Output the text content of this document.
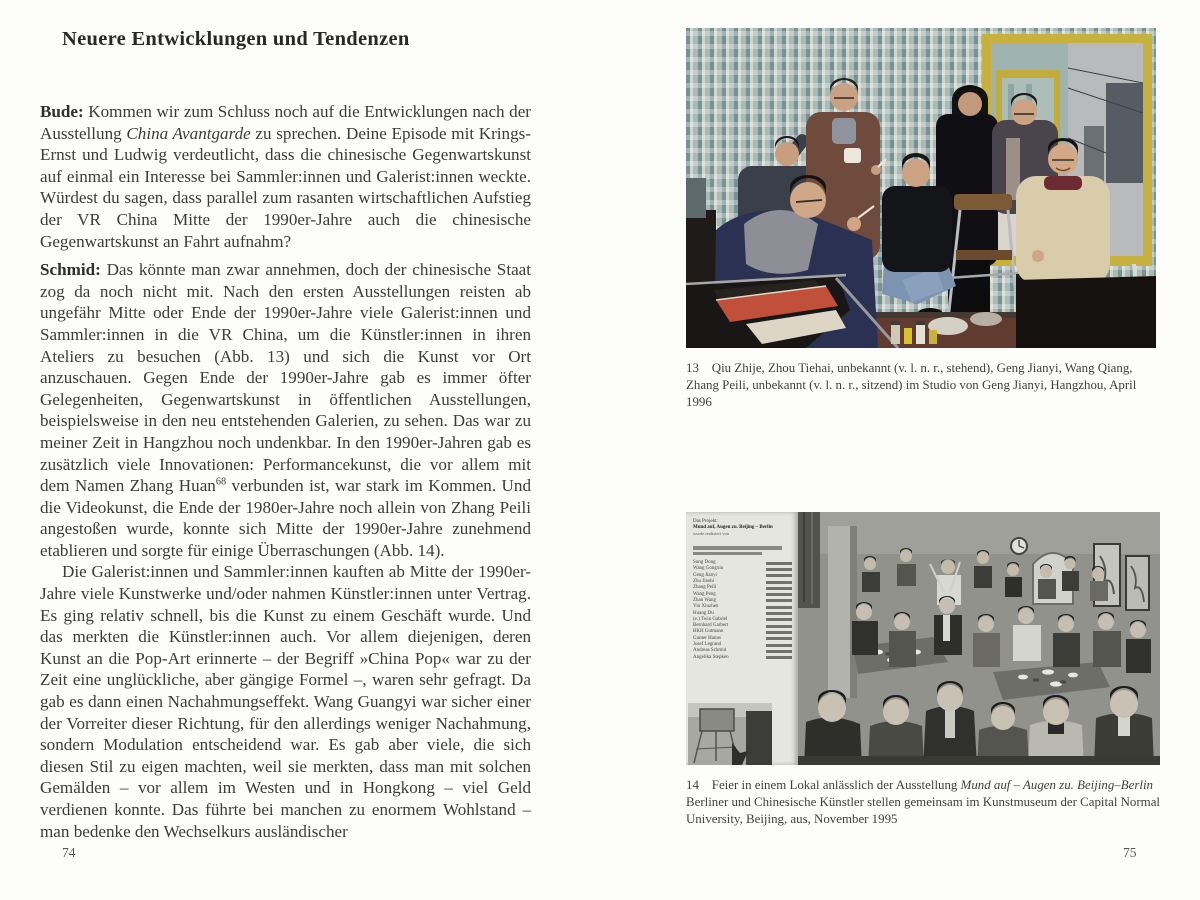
Neuere Entwicklungen und Tendenzen

Bude: Kommen wir zum Schluss noch auf die Entwicklungen nach der Ausstellung China Avantgarde zu sprechen. Deine Episode mit Krings-Ernst und Ludwig verdeutlicht, dass die chinesische Gegenwartskunst auf einmal ein Interesse bei Sammler:innen und Galerist:innen weckte. Würdest du sagen, dass parallel zum rasanten wirtschaftlichen Aufstieg der VR China Mitte der 1990er-Jahre auch die chinesische Gegenwartskunst an Fahrt aufnahm?

Schmid: Das könnte man zwar annehmen, doch der chinesische Staat zog da noch nicht mit. Nach den ersten Ausstellungen reisten ab ungefähr Mitte oder Ende der 1990er-Jahre viele Galerist:innen und Sammler:innen in die VR China, um die Künstler:innen in ihren Ateliers zu besuchen (Abb. 13) und sich die Kunst vor Ort anzuschauen. Gegen Ende der 1990er-Jahre gab es immer öfter Gelegenheiten, Gegenwartskunst in öffentlichen Ausstellungen, beispielsweise in den neu entstehenden Galerien, zu sehen. Das war zu meiner Zeit in Hangzhou noch undenkbar. In den 1990er-Jahren gab es zusätzlich viele Innovationen: Performancekunst, die vor allem mit dem Namen Zhang Huan$^{68}$ verbunden ist, war stark im Kommen. Und die Videokunst, die Ende der 1980er-Jahre noch allein von Zhang Peili angestoßen wurde, konnte sich Mitte der 1990er-Jahre zunehmend etablieren und sorgte für einige Überraschungen (Abb. 14).

Die Galerist:innen und Sammler:innen kauften ab Mitte der 1990er-Jahre viele Kunstwerke und/oder nahmen Künstler:innen unter Vertrag. Es ging relativ schnell, bis die Kunst zu einem Geschäft wurde. Und das merkten die Künstler:innen auch. Vor allem diejenigen, deren Kunst an die Pop-Art erinnerte – der Begriff »China Pop« war zu der Zeit eine unglückliche, aber gängige Formel –, waren sehr gefragt. Da gab es dann einen Nachahmungseffekt. Wang Guangyi war sicher einer der Vorreiter dieser Richtung, für den allerdings weniger Nachahmung, sondern Modulation entscheidend war. Es gab aber viele, die sich diesen Stil zu eigen machten, weil sie merkten, dass man mit solchen Gemälden – vor allem im Westen und in Hongkong – viel Geld verdienen konnte. Das führte bei manchen zu enormem Wohlstand – man bedenke den Wechselkurs ausländischer

74
13 Qiu Zhije, Zhou Tiehai, unbekannt (v. l. n. r., stehend), Geng Jianyi, Wang Qiang, Zhang Peili, unbekannt (v. l. n. r., sitzend) im Studio von Geng Jianyi, Hangzhou, April 1996
Das Projekt:
Mund auf, Augen zu. Beijing – Berlin
wurde realisiert von
Song Dong
Wang Gongxin
Geng Jianyi
Zhu Jinshi
Zhang Peili
Wang Peng
Zhan Wang
Yin Xiuzhen
Huang Du
(e.) Twin Gabriel
Bernhard Garbert
BKH Gutmann
Gunter Hanus
Josef Legrand
Andreas Schmid
Angelika Stepken
14 Feier in einem Lokal anlässlich der Ausstellung Mund auf – Augen zu. Beijing–Berlin Berliner und Chinesische Künstler stellen gemeinsam im Kunstmuseum der Capital Normal University, Beijing, aus, November 1995
75
